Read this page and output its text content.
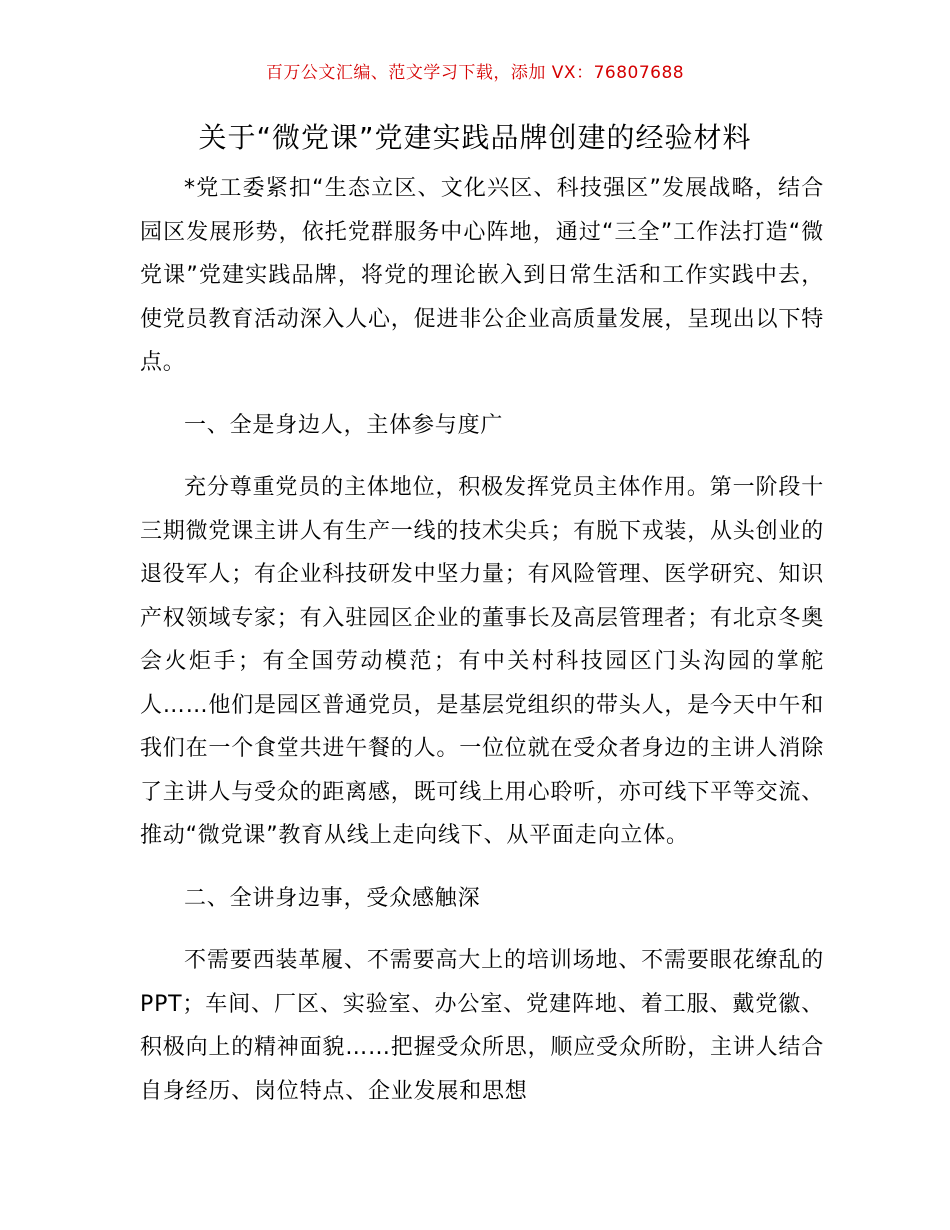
百万公文汇编、范文学习下载，添加 VX：76807688
关于“微党课”党建实践品牌创建的经验材料

*党工委紧扣“生态立区、文化兴区、科技强区”发展战略，结合园区发展形势，依托党群服务中心阵地，通过“三全”工作法打造“微党课”党建实践品牌，将党的理论嵌入到日常生活和工作实践中去，使党员教育活动深入人心，促进非公企业高质量发展，呈现出以下特点。

一、全是身边人，主体参与度广

充分尊重党员的主体地位，积极发挥党员主体作用。第一阶段十三期微党课主讲人有生产一线的技术尖兵；有脱下戎装，从头创业的退役军人；有企业科技研发中坚力量；有风险管理、医学研究、知识产权领域专家；有入驻园区企业的董事长及高层管理者；有北京冬奥会火炬手；有全国劳动模范；有中关村科技园区门头沟园的掌舵人……他们是园区普通党员，是基层党组织的带头人，是今天中午和我们在一个食堂共进午餐的人。一位位就在受众者身边的主讲人消除了主讲人与受众的距离感，既可线上用心聆听，亦可线下平等交流、推动“微党课”教育从线上走向线下、从平面走向立体。

二、全讲身边事，受众感触深

不需要西装革履、不需要高大上的培训场地、不需要眼花缭乱的 PPT；车间、厂区、实验室、办公室、党建阵地、着工服、戴党徽、积极向上的精神面貌……把握受众所思，顺应受众所盼，主讲人结合自身经历、岗位特点、企业发展和思想
